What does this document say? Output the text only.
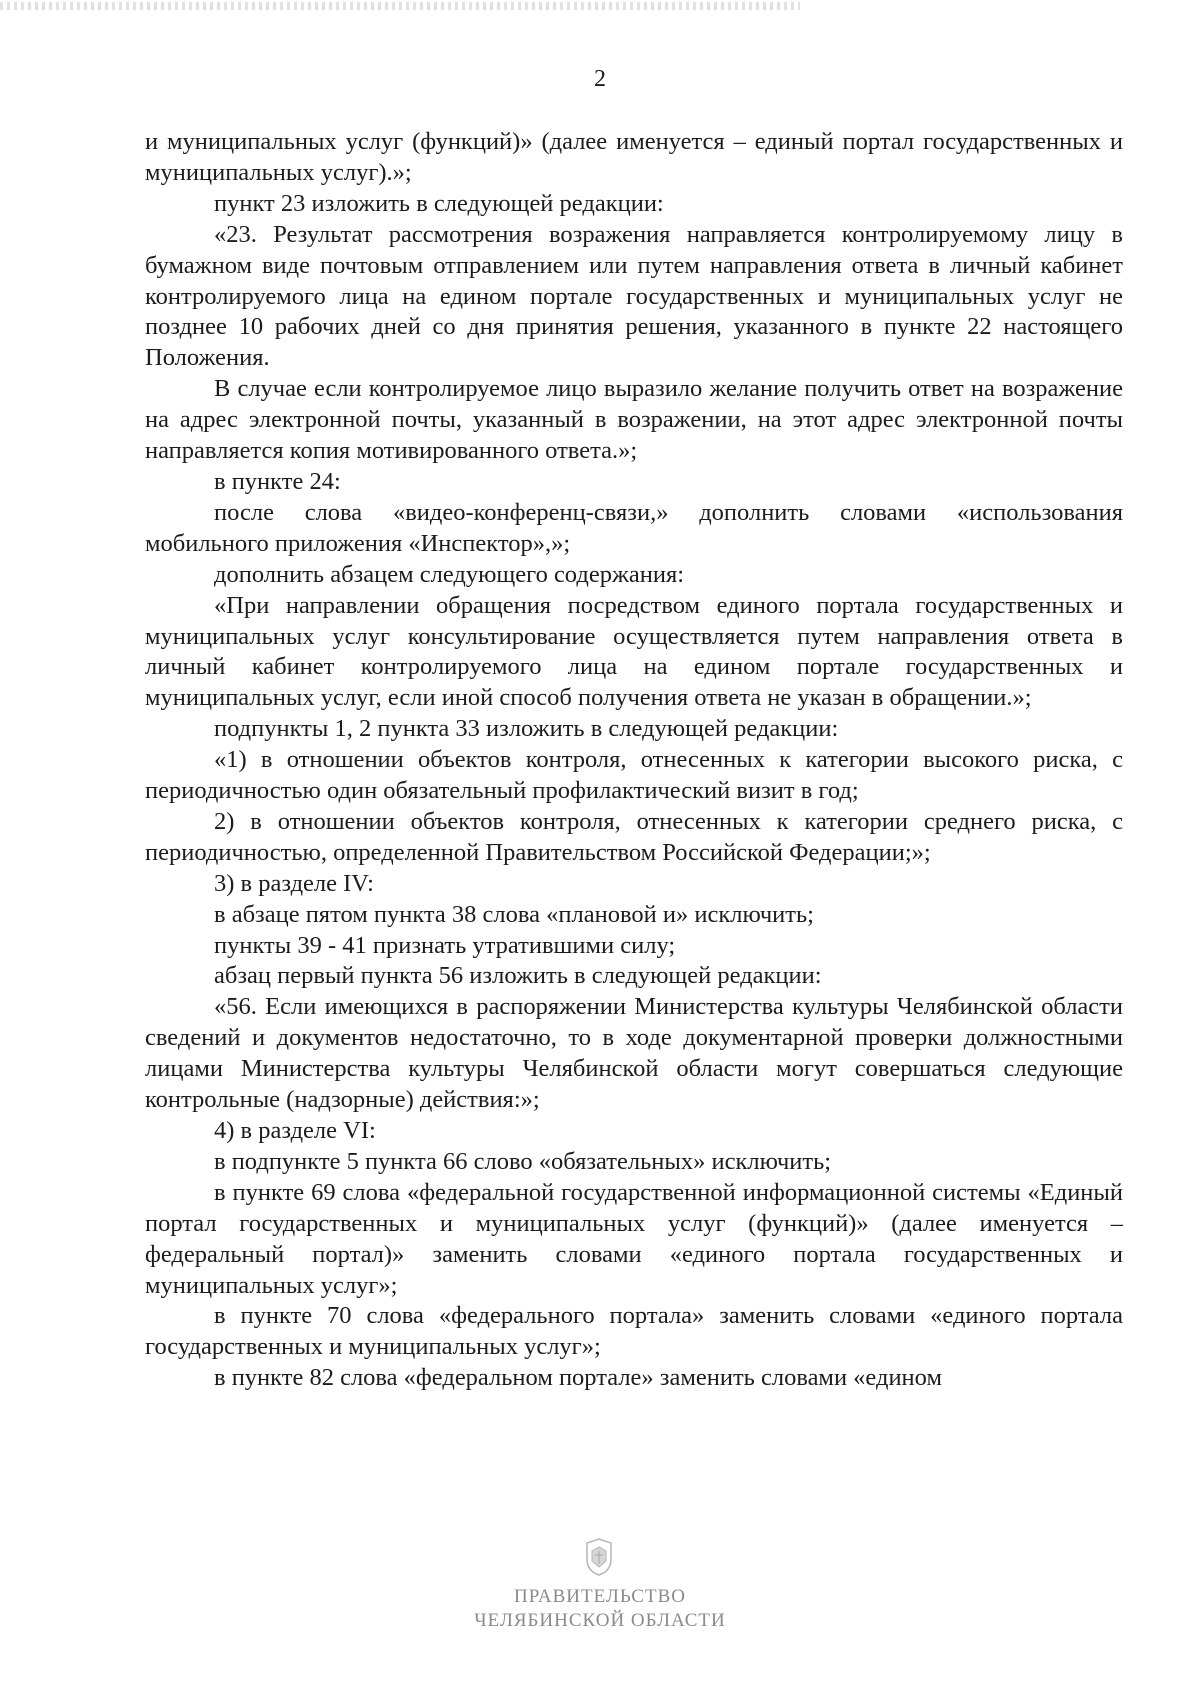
2

и муниципальных услуг (функций)» (далее именуется – единый портал государственных и муниципальных услуг).»;

пункт 23 изложить в следующей редакции:

«23. Результат рассмотрения возражения направляется контролируемому лицу в бумажном виде почтовым отправлением или путем направления ответа в личный кабинет контролируемого лица на едином портале государственных и муниципальных услуг не позднее 10 рабочих дней со дня принятия решения, указанного в пункте 22 настоящего Положения.

В случае если контролируемое лицо выразило желание получить ответ на возражение на адрес электронной почты, указанный в возражении, на этот адрес электронной почты направляется копия мотивированного ответа.»;

в пункте 24:

после слова «видео-конференц-связи,» дополнить словами «использования мобильного приложения «Инспектор»,»;

дополнить абзацем следующего содержания:

«При направлении обращения посредством единого портала государственных и муниципальных услуг консультирование осуществляется путем направления ответа в личный кабинет контролируемого лица на едином портале государственных и муниципальных услуг, если иной способ получения ответа не указан в обращении.»;

подпункты 1, 2 пункта 33 изложить в следующей редакции:

«1) в отношении объектов контроля, отнесенных к категории высокого риска, с периодичностью один обязательный профилактический визит в год;

2) в отношении объектов контроля, отнесенных к категории среднего риска, с периодичностью, определенной Правительством Российской Федерации;»;

3) в разделе IV:

в абзаце пятом пункта 38 слова «плановой и» исключить;

пункты 39 - 41 признать утратившими силу;

абзац первый пункта 56 изложить в следующей редакции:

«56. Если имеющихся в распоряжении Министерства культуры Челябинской области сведений и документов недостаточно, то в ходе документарной проверки должностными лицами Министерства культуры Челябинской области могут совершаться следующие контрольные (надзорные) действия:»;

4) в разделе VI:

в подпункте 5 пункта 66 слово «обязательных» исключить;

в пункте 69 слова «федеральной государственной информационной системы «Единый портал государственных и муниципальных услуг (функций)» (далее именуется – федеральный портал)» заменить словами «единого портала государственных и муниципальных услуг»;

в пункте 70 слова «федерального портала» заменить словами «единого портала государственных и муниципальных услуг»;

в пункте 82 слова «федеральном портале» заменить словами «едином

ПРАВИТЕЛЬСТВО
ЧЕЛЯБИНСКОЙ ОБЛАСТИ
